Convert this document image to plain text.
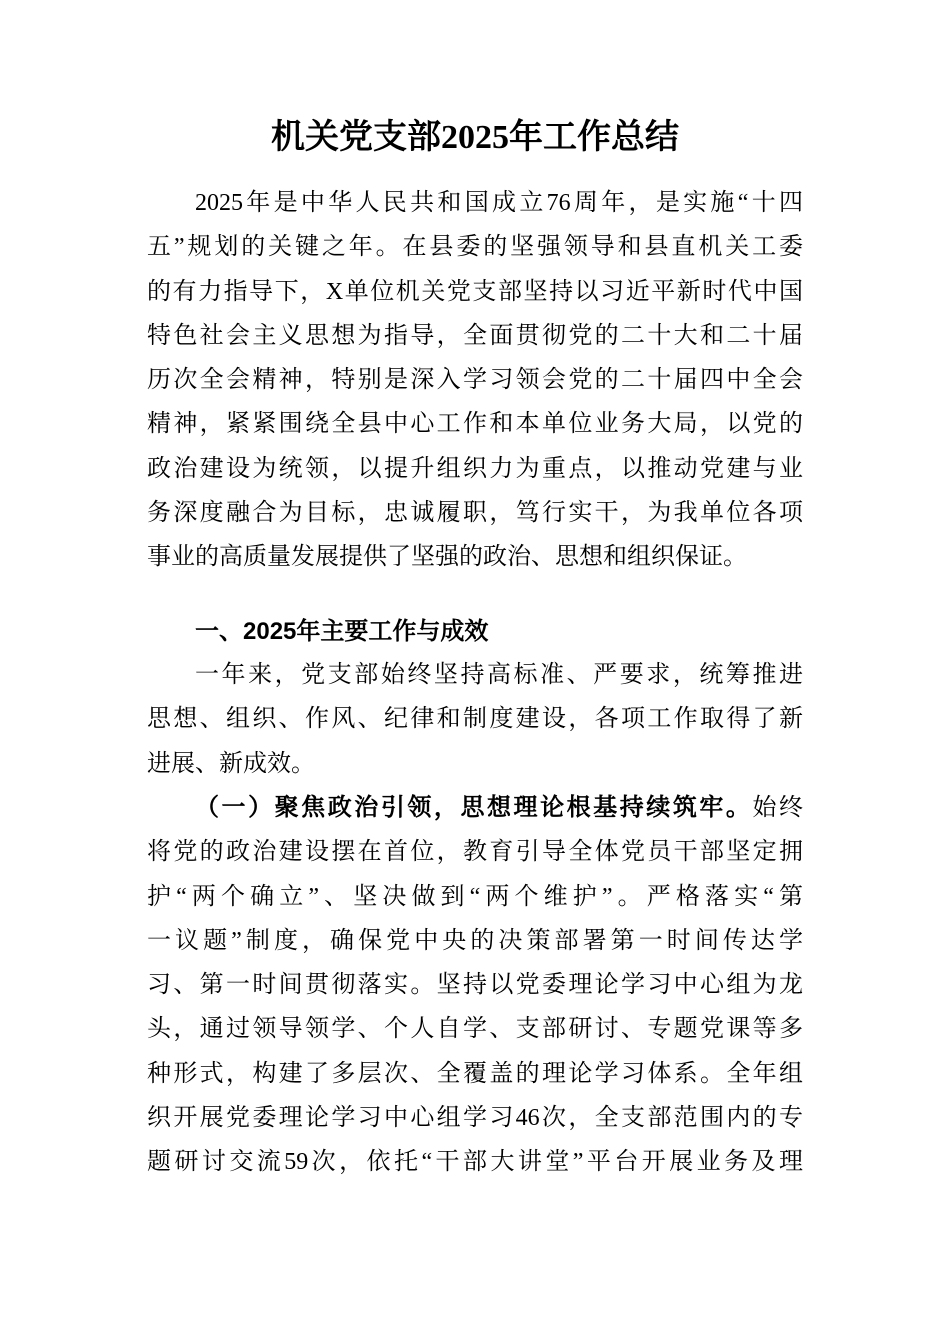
机关党支部2025年工作总结
2025年是中华人民共和国成立76周年，是实施“十四
五”规划的关键之年。在县委的坚强领导和县直机关工委
的有力指导下，X单位机关党支部坚持以习近平新时代中国
特色社会主义思想为指导，全面贯彻党的二十大和二十届
历次全会精神，特别是深入学习领会党的二十届四中全会
精神，紧紧围绕全县中心工作和本单位业务大局，以党的
政治建设为统领，以提升组织力为重点，以推动党建与业
务深度融合为目标，忠诚履职，笃行实干，为我单位各项
事业的高质量发展提供了坚强的政治、思想和组织保证。
一、2025年主要工作与成效
一年来，党支部始终坚持高标准、严要求，统筹推进
思想、组织、作风、纪律和制度建设，各项工作取得了新
进展、新成效。
（一）聚焦政治引领，思想理论根基持续筑牢。始终
将党的政治建设摆在首位，教育引导全体党员干部坚定拥
护“两个确立”、坚决做到“两个维护”。严格落实“第
一议题”制度，确保党中央的决策部署第一时间传达学
习、第一时间贯彻落实。坚持以党委理论学习中心组为龙
头，通过领导领学、个人自学、支部研讨、专题党课等多
种形式，构建了多层次、全覆盖的理论学习体系。全年组
织开展党委理论学习中心组学习46次，全支部范围内的专
题研讨交流59次，依托“干部大讲堂”平台开展业务及理
